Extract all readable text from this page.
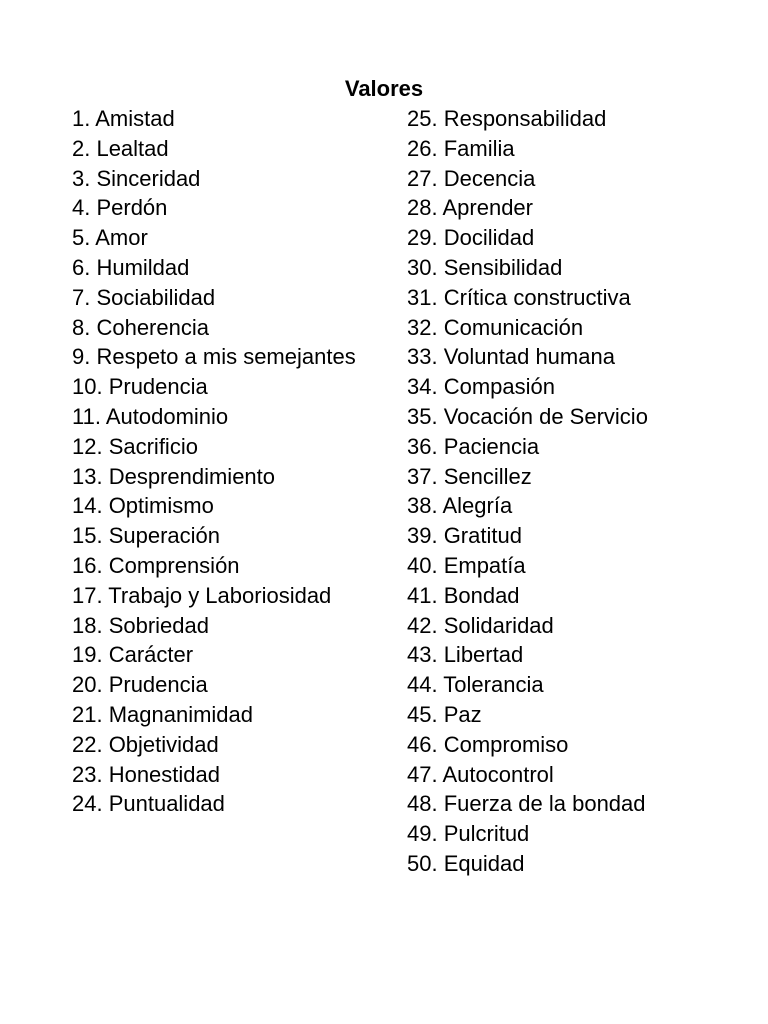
Valores
1. Amistad
2. Lealtad
3. Sinceridad
4. Perdón
5. Amor
6. Humildad
7. Sociabilidad
8. Coherencia
9. Respeto a mis semejantes
10. Prudencia
11. Autodominio
12. Sacrificio
13. Desprendimiento
14. Optimismo
15. Superación
16. Comprensión
17. Trabajo y Laboriosidad
18. Sobriedad
19. Carácter
20. Prudencia
21. Magnanimidad
22. Objetividad
23. Honestidad
24. Puntualidad
25. Responsabilidad
26. Familia
27. Decencia
28. Aprender
29. Docilidad
30. Sensibilidad
31. Crítica constructiva
32. Comunicación
33. Voluntad humana
34. Compasión
35. Vocación de Servicio
36. Paciencia
37. Sencillez
38. Alegría
39. Gratitud
40. Empatía
41. Bondad
42. Solidaridad
43. Libertad
44. Tolerancia
45. Paz
46. Compromiso
47. Autocontrol
48. Fuerza de la bondad
49. Pulcritud
50. Equidad
